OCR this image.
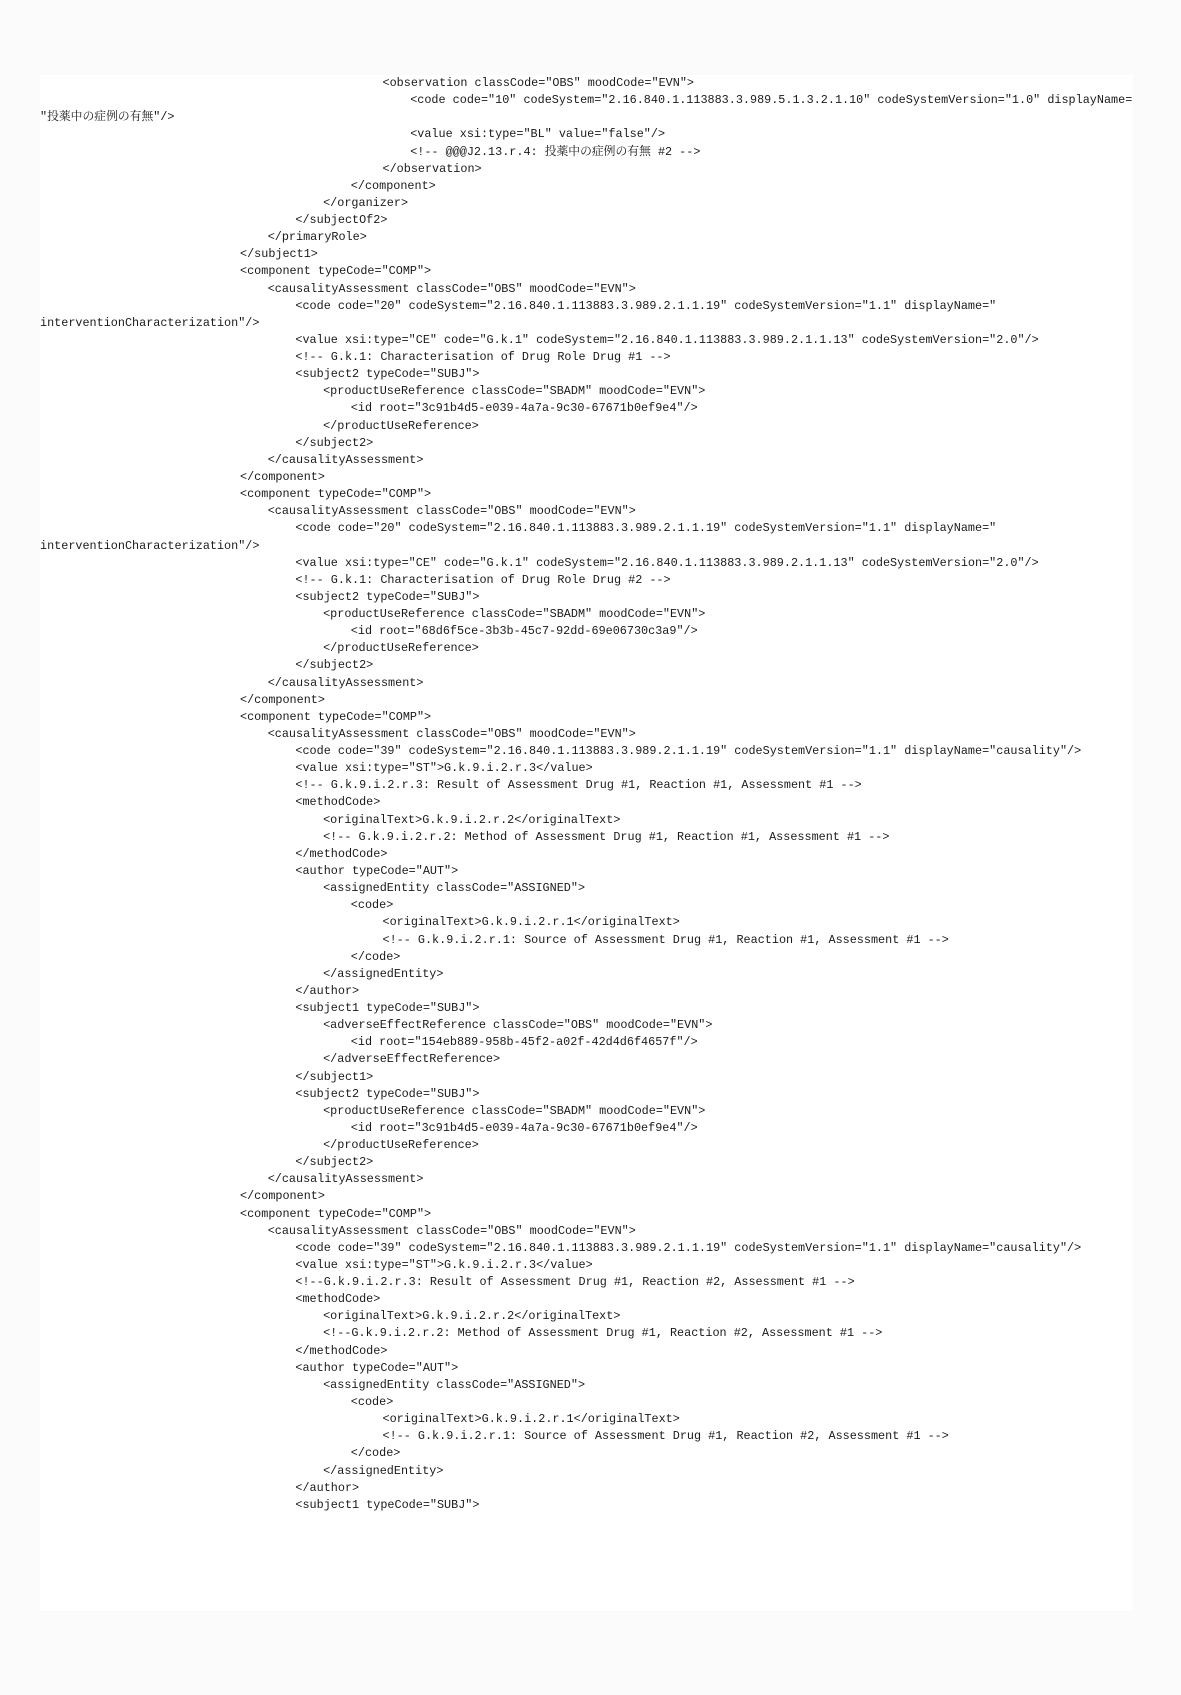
<observation classCode="OBS" moodCode="EVN">
<code code="10" codeSystem="2.16.840.1.113883.3.989.5.1.3.2.1.10" codeSystemVersion="1.0" displayName=
"投薬中の症例の有無"/>
<value xsi:type="BL" value="false"/>
<!-- @@@J2.13.r.4: 投薬中の症例の有無 #2 -->
</observation>
</component>
</organizer>
</subjectOf2>
</primaryRole>
</subject1>
<component typeCode="COMP">
<causalityAssessment classCode="OBS" moodCode="EVN">
<code code="20" codeSystem="2.16.840.1.113883.3.989.2.1.1.19" codeSystemVersion="1.1" displayName="
interventionCharacterization"/>
<value xsi:type="CE" code="G.k.1" codeSystem="2.16.840.1.113883.3.989.2.1.1.13" codeSystemVersion="2.0"/>
<!-- G.k.1: Characterisation of Drug Role Drug #1 -->
<subject2 typeCode="SUBJ">
<productUseReference classCode="SBADM" moodCode="EVN">
<id root="3c91b4d5-e039-4a7a-9c30-67671b0ef9e4"/>
</productUseReference>
</subject2>
</causalityAssessment>
</component>
<component typeCode="COMP">
<causalityAssessment classCode="OBS" moodCode="EVN">
<code code="20" codeSystem="2.16.840.1.113883.3.989.2.1.1.19" codeSystemVersion="1.1" displayName="
interventionCharacterization"/>
<value xsi:type="CE" code="G.k.1" codeSystem="2.16.840.1.113883.3.989.2.1.1.13" codeSystemVersion="2.0"/>
<!-- G.k.1: Characterisation of Drug Role Drug #2 -->
<subject2 typeCode="SUBJ">
<productUseReference classCode="SBADM" moodCode="EVN">
<id root="68d6f5ce-3b3b-45c7-92dd-69e06730c3a9"/>
</productUseReference>
</subject2>
</causalityAssessment>
</component>
<component typeCode="COMP">
<causalityAssessment classCode="OBS" moodCode="EVN">
<code code="39" codeSystem="2.16.840.1.113883.3.989.2.1.1.19" codeSystemVersion="1.1" displayName="causality"/>
<value xsi:type="ST">G.k.9.i.2.r.3</value>
<!-- G.k.9.i.2.r.3: Result of Assessment Drug #1, Reaction #1, Assessment #1 -->
<methodCode>
<originalText>G.k.9.i.2.r.2</originalText>
<!-- G.k.9.i.2.r.2: Method of Assessment Drug #1, Reaction #1, Assessment #1 -->
</methodCode>
<author typeCode="AUT">
<assignedEntity classCode="ASSIGNED">
<code>
<originalText>G.k.9.i.2.r.1</originalText>
<!-- G.k.9.i.2.r.1: Source of Assessment Drug #1, Reaction #1, Assessment #1 -->
</code>
</assignedEntity>
</author>
<subject1 typeCode="SUBJ">
<adverseEffectReference classCode="OBS" moodCode="EVN">
<id root="154eb889-958b-45f2-a02f-42d4d6f4657f"/>
</adverseEffectReference>
</subject1>
<subject2 typeCode="SUBJ">
<productUseReference classCode="SBADM" moodCode="EVN">
<id root="3c91b4d5-e039-4a7a-9c30-67671b0ef9e4"/>
</productUseReference>
</subject2>
</causalityAssessment>
</component>
<component typeCode="COMP">
<causalityAssessment classCode="OBS" moodCode="EVN">
<code code="39" codeSystem="2.16.840.1.113883.3.989.2.1.1.19" codeSystemVersion="1.1" displayName="causality"/>
<value xsi:type="ST">G.k.9.i.2.r.3</value>
<!--G.k.9.i.2.r.3: Result of Assessment Drug #1, Reaction #2, Assessment #1 -->
<methodCode>
<originalText>G.k.9.i.2.r.2</originalText>
<!--G.k.9.i.2.r.2: Method of Assessment Drug #1, Reaction #2, Assessment #1 -->
</methodCode>
<author typeCode="AUT">
<assignedEntity classCode="ASSIGNED">
<code>
<originalText>G.k.9.i.2.r.1</originalText>
<!-- G.k.9.i.2.r.1: Source of Assessment Drug #1, Reaction #2, Assessment #1 -->
</code>
</assignedEntity>
</author>
<subject1 typeCode="SUBJ">
